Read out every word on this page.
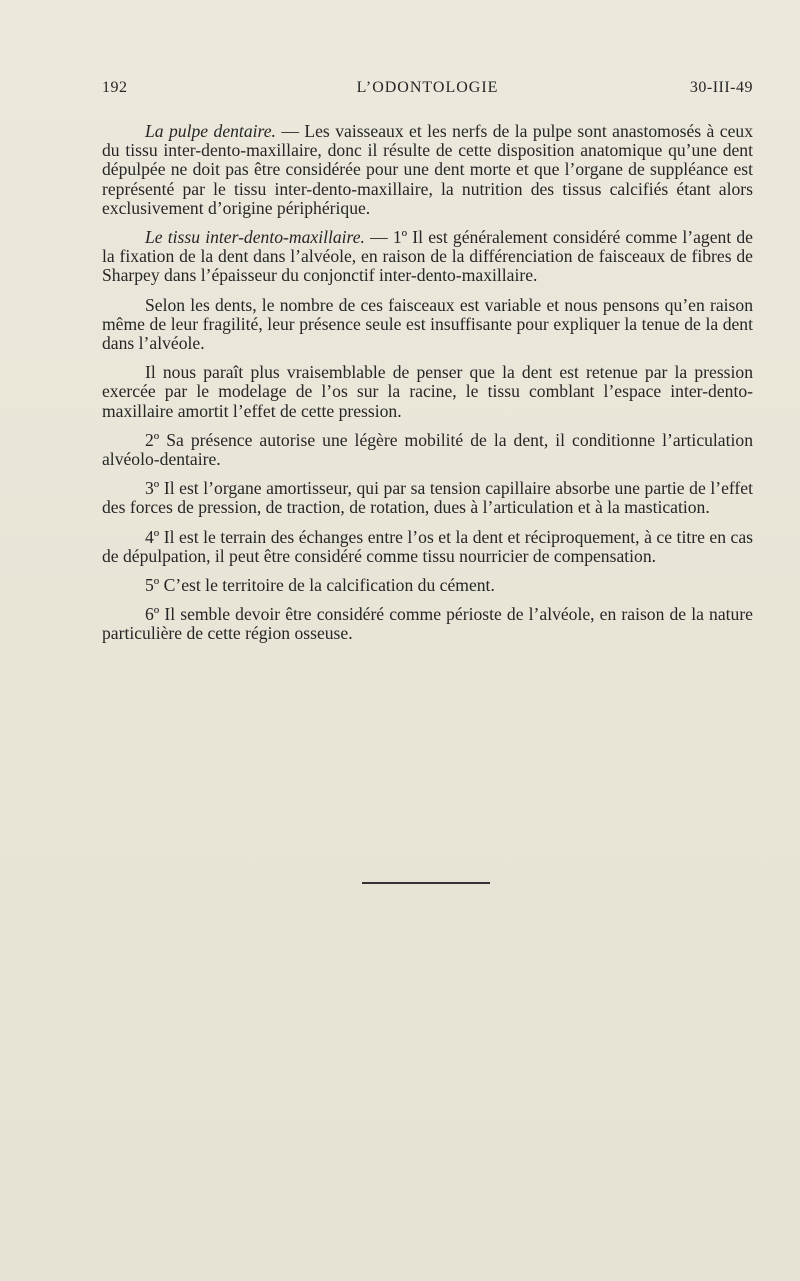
192	L’ODONTOLOGIE	30-III-49

La pulpe dentaire. — Les vaisseaux et les nerfs de la pulpe sont anastomosés à ceux du tissu inter-dento-maxillaire, donc il résulte de cette disposition anatomique qu’une dent dépulpée ne doit pas être considérée pour une dent morte et que l’organe de suppléance est représenté par le tissu inter-dento-maxillaire, la nutrition des tissus calcifiés étant alors exclusivement d’origine périphérique.

Le tissu inter-dento-maxillaire. — 1º Il est généralement considéré comme l’agent de la fixation de la dent dans l’alvéole, en raison de la différenciation de faisceaux de fibres de Sharpey dans l’épaisseur du conjonctif inter-dento-maxillaire.

Selon les dents, le nombre de ces faisceaux est variable et nous pensons qu’en raison même de leur fragilité, leur présence seule est insuffisante pour expliquer la tenue de la dent dans l’alvéole.

Il nous paraît plus vraisemblable de penser que la dent est retenue par la pression exercée par le modelage de l’os sur la racine, le tissu comblant l’espace inter-dento-maxillaire amortit l’effet de cette pression.

2º Sa présence autorise une légère mobilité de la dent, il conditionne l’articulation alvéolo-dentaire.

3º Il est l’organe amortisseur, qui par sa tension capillaire absorbe une partie de l’effet des forces de pression, de traction, de rotation, dues à l’articulation et à la mastication.

4º Il est le terrain des échanges entre l’os et la dent et réciproquement, à ce titre en cas de dépulpation, il peut être considéré comme tissu nourricier de compensation.

5º C’est le territoire de la calcification du cément.

6º Il semble devoir être considéré comme périoste de l’alvéole, en raison de la nature particulière de cette région osseuse.
